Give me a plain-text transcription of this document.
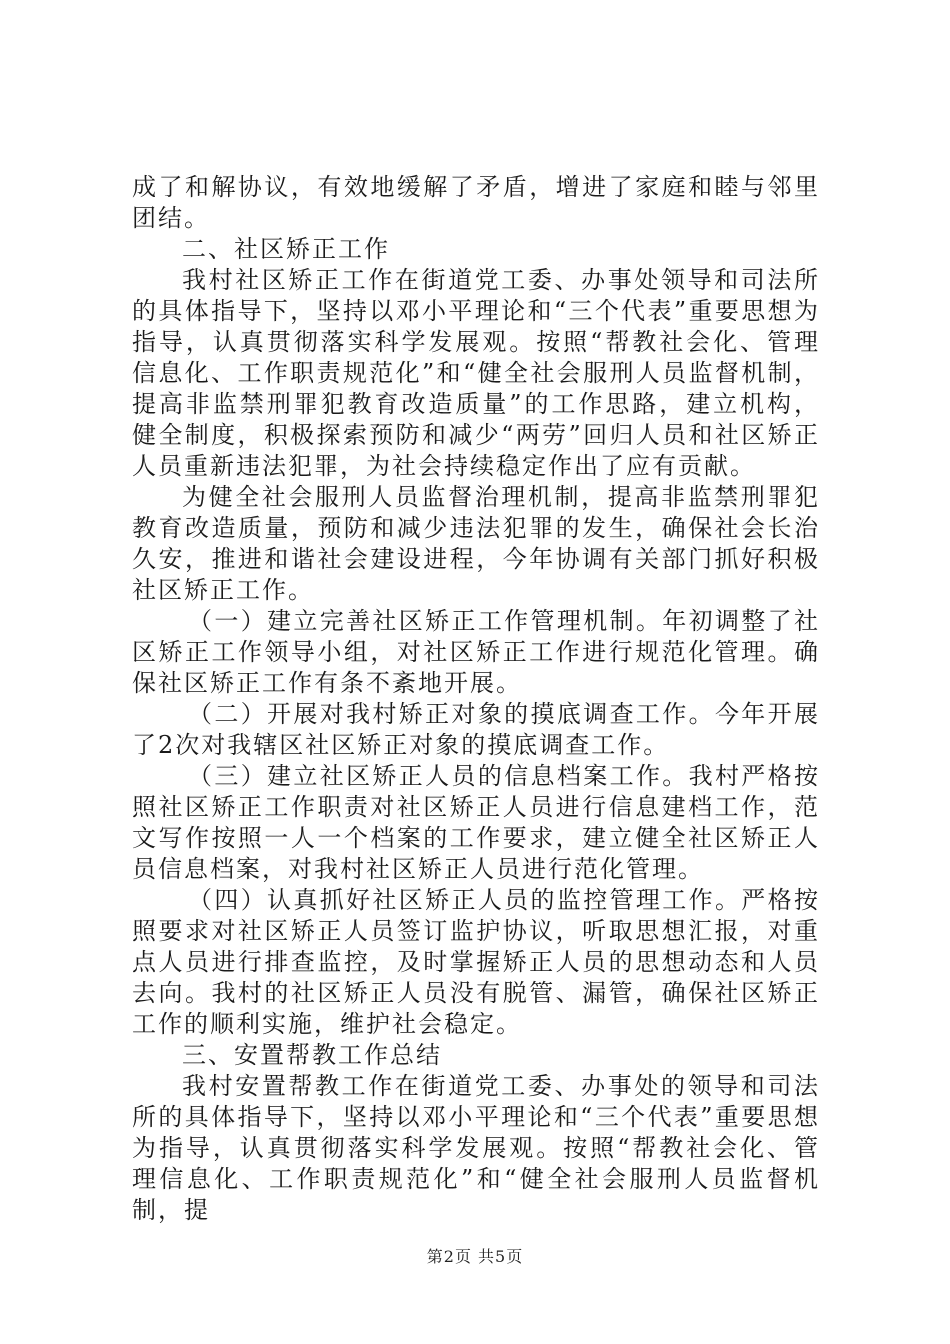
成了和解协议，有效地缓解了矛盾，增进了家庭和睦与邻里团结。

二、社区矫正工作

我村社区矫正工作在街道党工委、办事处领导和司法所的具体指导下，坚持以邓小平理论和“三个代表”重要思想为指导，认真贯彻落实科学发展观。按照“帮教社会化、管理信息化、工作职责规范化”和“健全社会服刑人员监督机制，提高非监禁刑罪犯教育改造质量”的工作思路，建立机构，健全制度，积极探索预防和减少“两劳”回归人员和社区矫正人员重新违法犯罪，为社会持续稳定作出了应有贡献。

为健全社会服刑人员监督治理机制，提高非监禁刑罪犯教育改造质量，预防和减少违法犯罪的发生，确保社会长治久安，推进和谐社会建设进程，今年协调有关部门抓好积极社区矫正工作。

（一）建立完善社区矫正工作管理机制。年初调整了社区矫正工作领导小组，对社区矫正工作进行规范化管理。确保社区矫正工作有条不紊地开展。

（二）开展对我村矫正对象的摸底调查工作。今年开展了2次对我辖区社区矫正对象的摸底调查工作。

（三）建立社区矫正人员的信息档案工作。我村严格按照社区矫正工作职责对社区矫正人员进行信息建档工作，范文写作按照一人一个档案的工作要求，建立健全社区矫正人员信息档案，对我村社区矫正人员进行范化管理。

（四）认真抓好社区矫正人员的监控管理工作。严格按照要求对社区矫正人员签订监护协议，听取思想汇报，对重点人员进行排查监控，及时掌握矫正人员的思想动态和人员去向。我村的社区矫正人员没有脱管、漏管，确保社区矫正工作的顺利实施，维护社会稳定。

三、安置帮教工作总结

我村安置帮教工作在街道党工委、办事处的领导和司法所的具体指导下，坚持以邓小平理论和“三个代表”重要思想为指导，认真贯彻落实科学发展观。按照“帮教社会化、管理信息化、工作职责规范化”和“健全社会服刑人员监督机制，提

第2页 共5页
